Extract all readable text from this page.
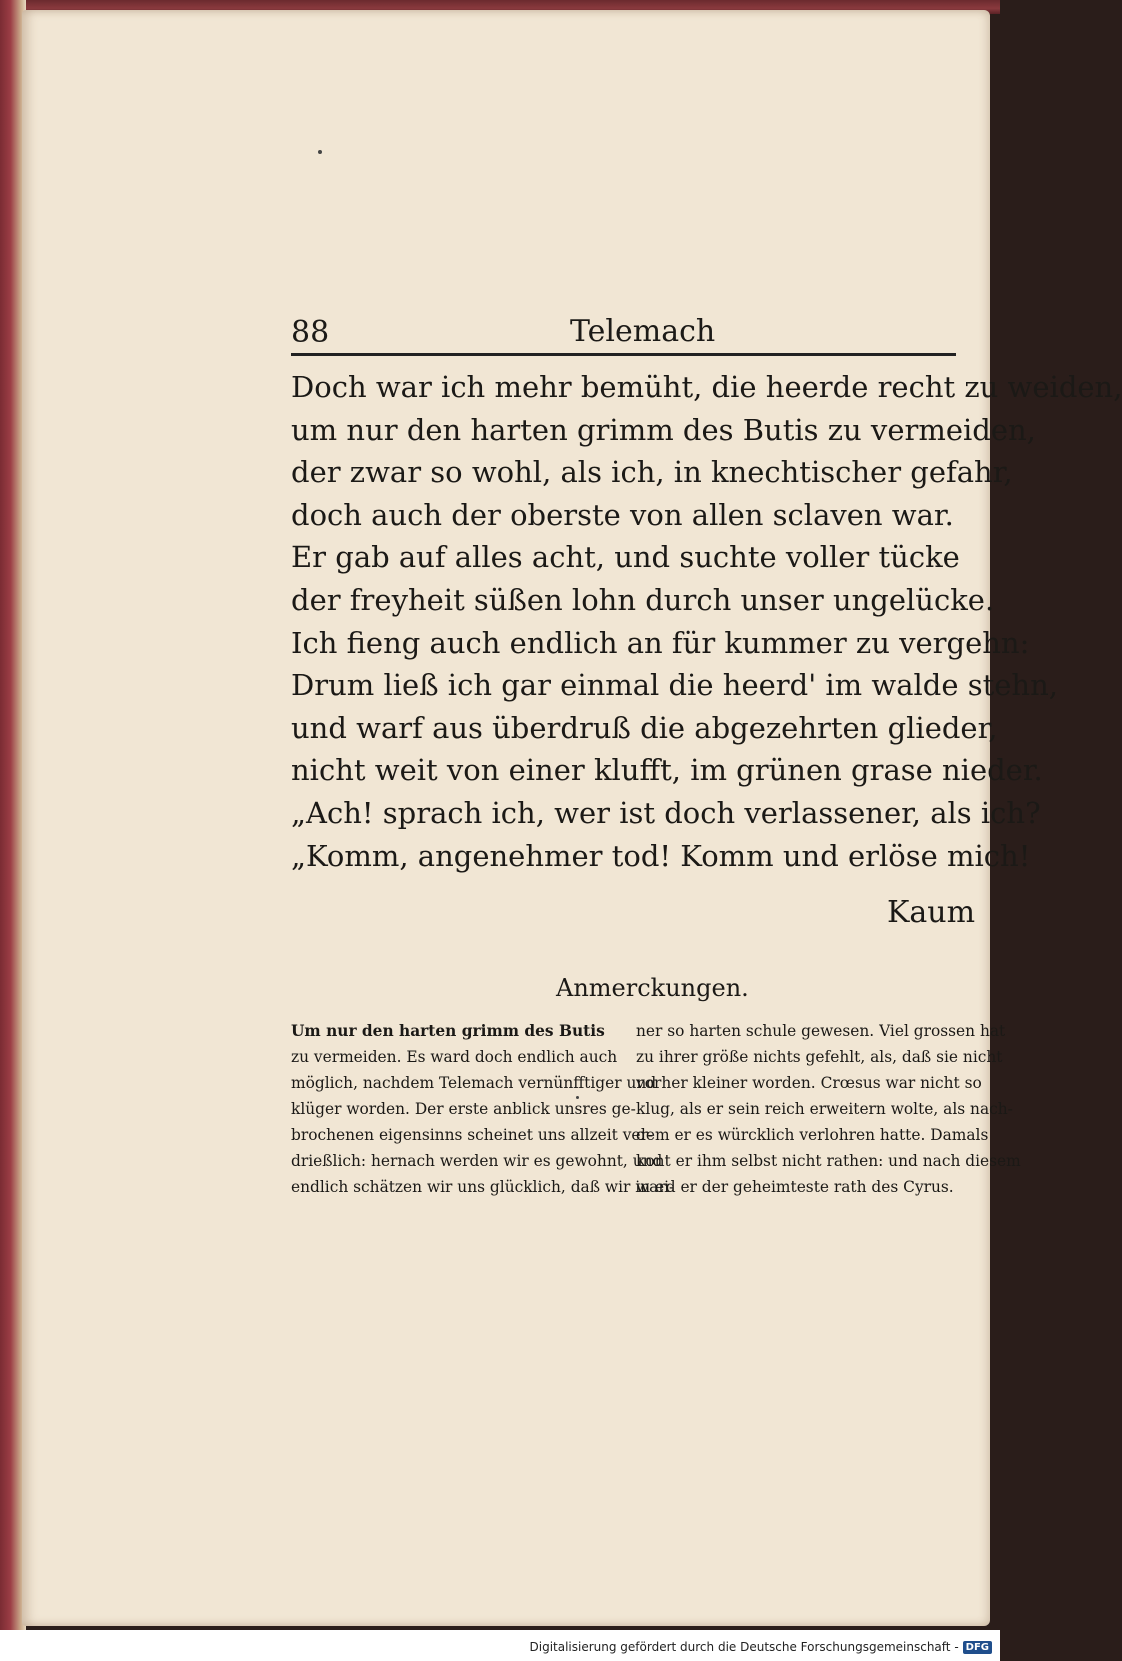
88	Telemach
Doch war ich mehr bemüht, die heerde recht zu weiden,
um nur den harten grimm des Butis zu vermeiden,
der zwar so wohl, als ich, in knechtischer gefahr,
doch auch der oberste von allen sclaven war.
Er gab auf alles acht, und suchte voller tücke
der freyheit süßen lohn durch unser ungelücke.
Ich fieng auch endlich an für kummer zu vergehn:
Drum ließ ich gar einmal die heerd' im walde stehn,
und warf aus überdruß die abgezehrten glieder,
nicht weit von einer klufft, im grünen grase nieder.
„Ach! sprach ich, wer ist doch verlassener, als ich?
„Komm, angenehmer tod! Komm und erlöse mich!
Kaum
Anmerckungen.
Um nur den harten grimm des Butis
zu vermeiden. Es ward doch endlich auch
möglich, nachdem Telemach vernünfftiger und
klüger worden. Der erste anblick unsres ge-
brochenen eigensinns scheinet uns allzeit ver-
drießlich: hernach werden wir es gewohnt, und
endlich schätzen wir uns glücklich, daß wir in ei-
ner so harten schule gewesen. Viel grossen hat
zu ihrer größe nichts gefehlt, als, daß sie nicht
vorher kleiner worden. Crœsus war nicht so
klug, als er sein reich erweitern wolte, als nach-
dem er es würcklich verlohren hatte. Damals
kont er ihm selbst nicht rathen: und nach diesem
ward er der geheimteste rath des Cyrus.
Digitalisierung gefördert durch die Deutsche Forschungsgemeinschaft - DFG
